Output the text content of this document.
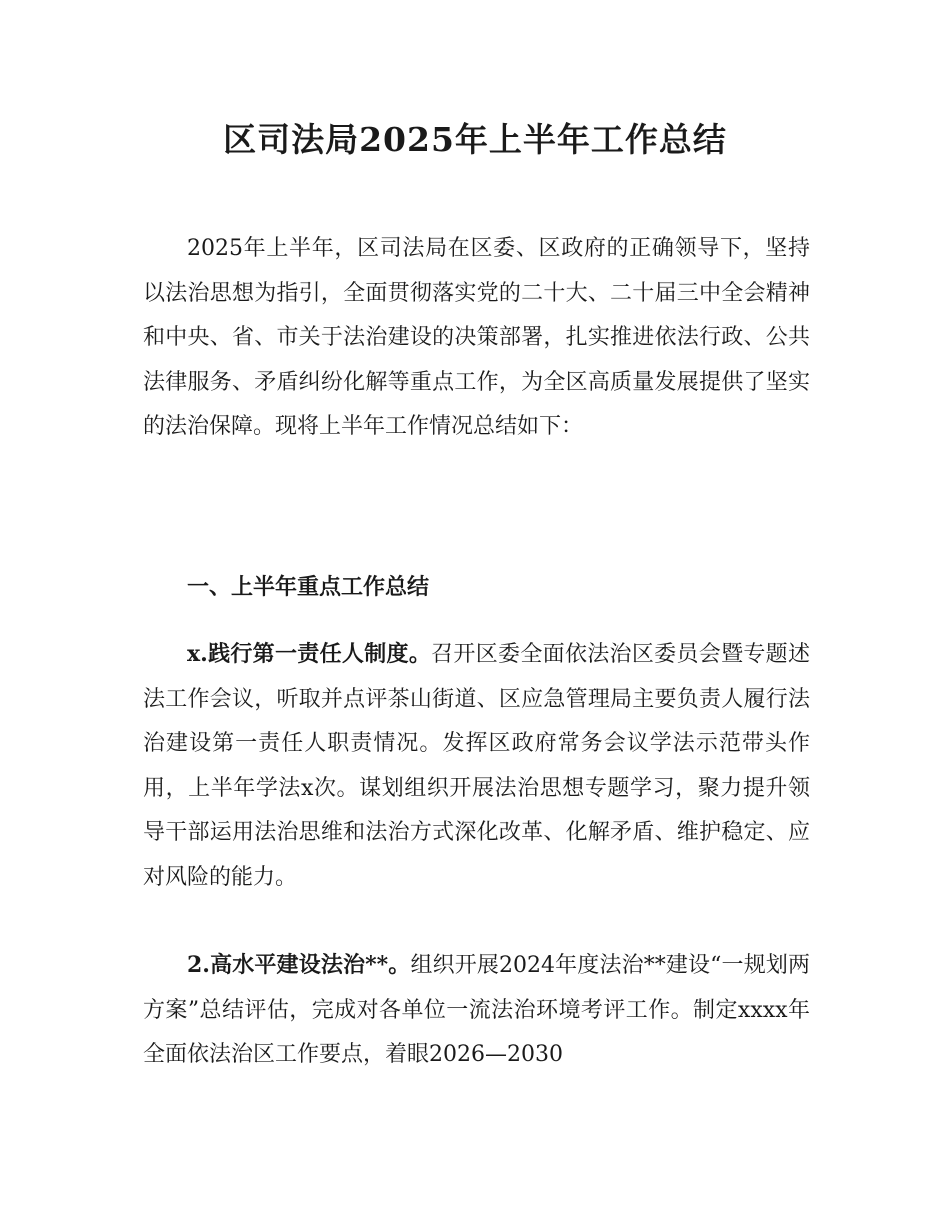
区司法局2025年上半年工作总结
2025年上半年，区司法局在区委、区政府的正确领导下，坚持以法治思想为指引，全面贯彻落实党的二十大、二十届三中全会精神和中央、省、市关于法治建设的决策部署，扎实推进依法行政、公共法律服务、矛盾纠纷化解等重点工作，为全区高质量发展提供了坚实的法治保障。现将上半年工作情况总结如下：
一、上半年重点工作总结
x.践行第一责任人制度。召开区委全面依法治区委员会暨专题述法工作会议，听取并点评茶山街道、区应急管理局主要负责人履行法治建设第一责任人职责情况。发挥区政府常务会议学法示范带头作用，上半年学法x次。谋划组织开展法治思想专题学习，聚力提升领导干部运用法治思维和法治方式深化改革、化解矛盾、维护稳定、应对风险的能力。
2.高水平建设法治**。组织开展2024年度法治**建设“一规划两方案”总结评估，完成对各单位一流法治环境考评工作。制定xxxx年全面依法治区工作要点，着眼2026—2030
